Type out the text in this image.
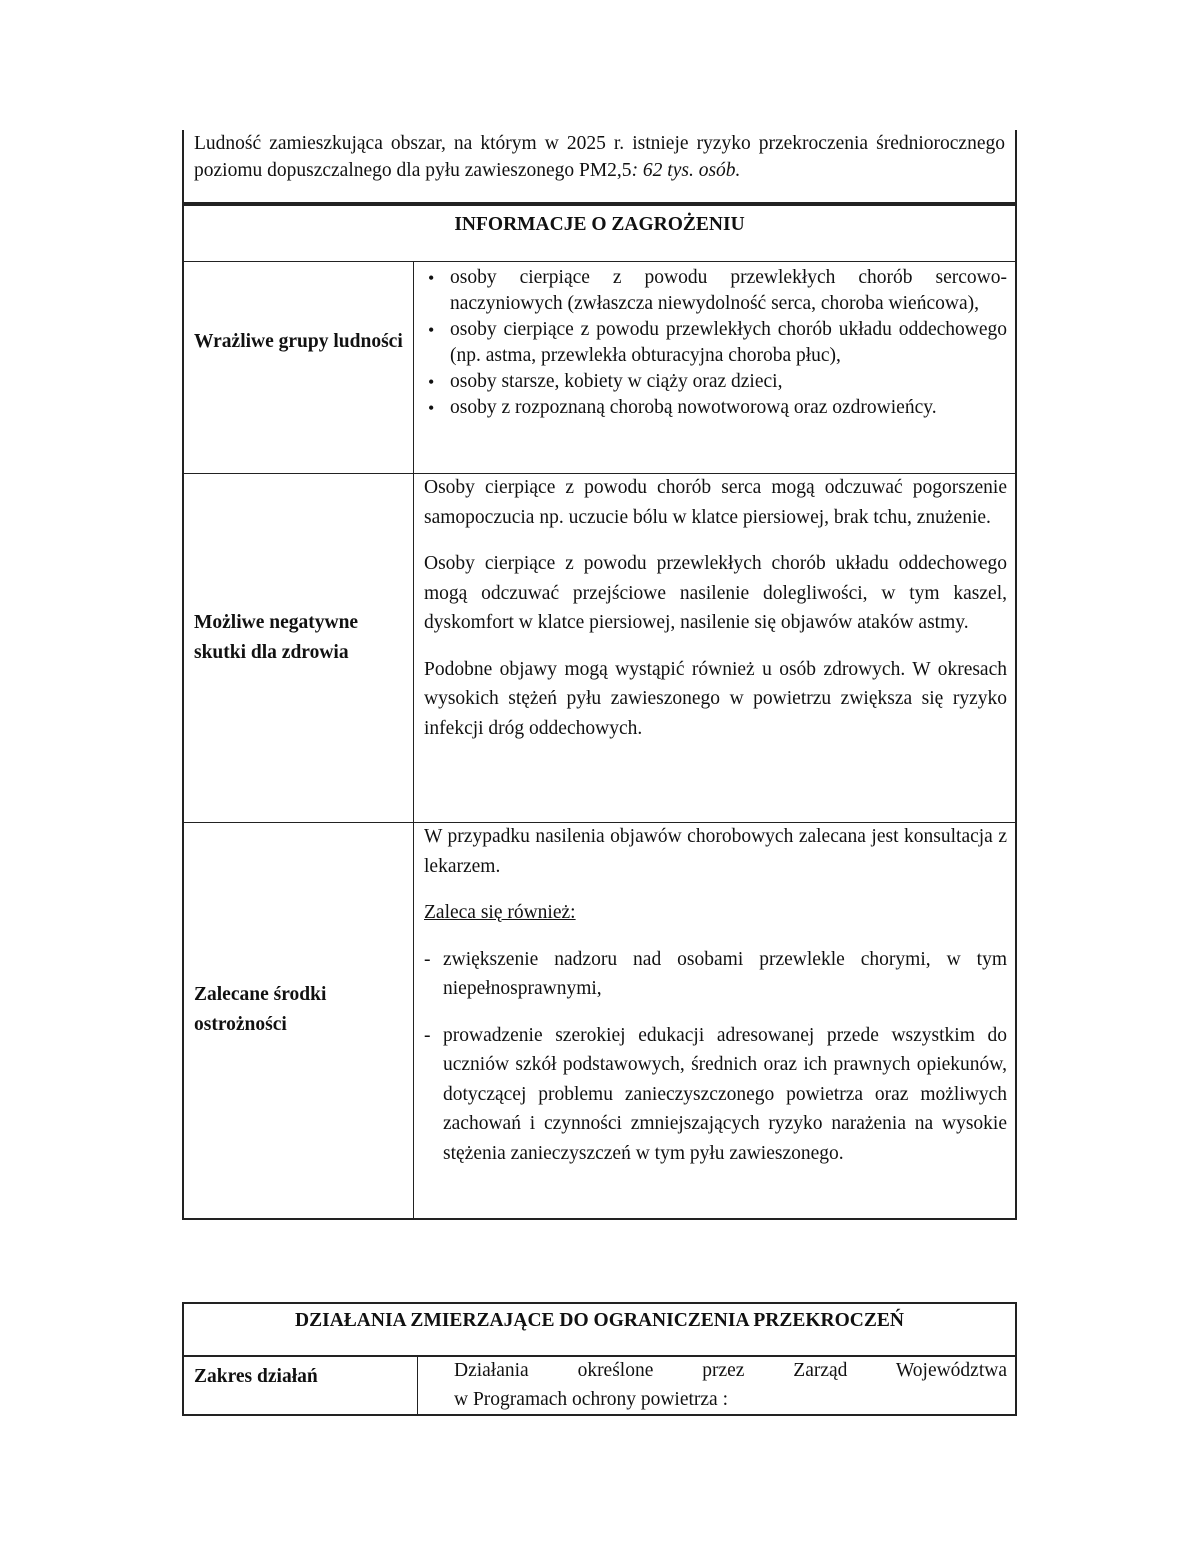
Ludność zamieszkująca obszar, na którym w 2025 r. istnieje ryzyko przekroczenia średniorocznego poziomu dopuszczalnego dla pyłu zawieszonego PM2,5: 62 tys. osób.
INFORMACJE O ZAGROŻENIU
Wrażliwe grupy ludności
• osoby cierpiące z powodu przewlekłych chorób sercowo-naczyniowych (zwłaszcza niewydolność serca, choroba wieńcowa),
• osoby cierpiące z powodu przewlekłych chorób układu oddechowego (np. astma, przewlekła obturacyjna choroba płuc),
• osoby starsze, kobiety w ciąży oraz dzieci,
• osoby z rozpoznaną chorobą nowotworową oraz ozdrowieńcy.
Możliwe negatywne skutki dla zdrowia

Osoby cierpiące z powodu chorób serca mogą odczuwać pogorszenie samopoczucia np. uczucie bólu w klatce piersiowej, brak tchu, znużenie.

Osoby cierpiące z powodu przewlekłych chorób układu oddechowego mogą odczuwać przejściowe nasilenie dolegliwości, w tym kaszel, dyskomfort w klatce piersiowej, nasilenie się objawów ataków astmy.

Podobne objawy mogą wystąpić również u osób zdrowych. W okresach wysokich stężeń pyłu zawieszonego w powietrzu zwiększa się ryzyko infekcji dróg oddechowych.

Zalecane środki ostrożności

W przypadku nasilenia objawów chorobowych zalecana jest konsultacja z lekarzem.

Zaleca się również:

- zwiększenie nadzoru nad osobami przewlekle chorymi, w tym niepełnosprawnymi,
- prowadzenie szerokiej edukacji adresowanej przede wszystkim do uczniów szkół podstawowych, średnich oraz ich prawnych opiekunów, dotyczącej problemu zanieczyszczonego powietrza oraz możliwych zachowań i czynności zmniejszających ryzyko narażenia na wysokie stężenia zanieczyszczeń w tym pyłu zawieszonego.
DZIAŁANIA ZMIERZAJĄCE DO OGRANICZENIA PRZEKROCZEŃ
Zakres działań	Działania określone przez Zarząd Województwa
w Programach ochrony powietrza :
